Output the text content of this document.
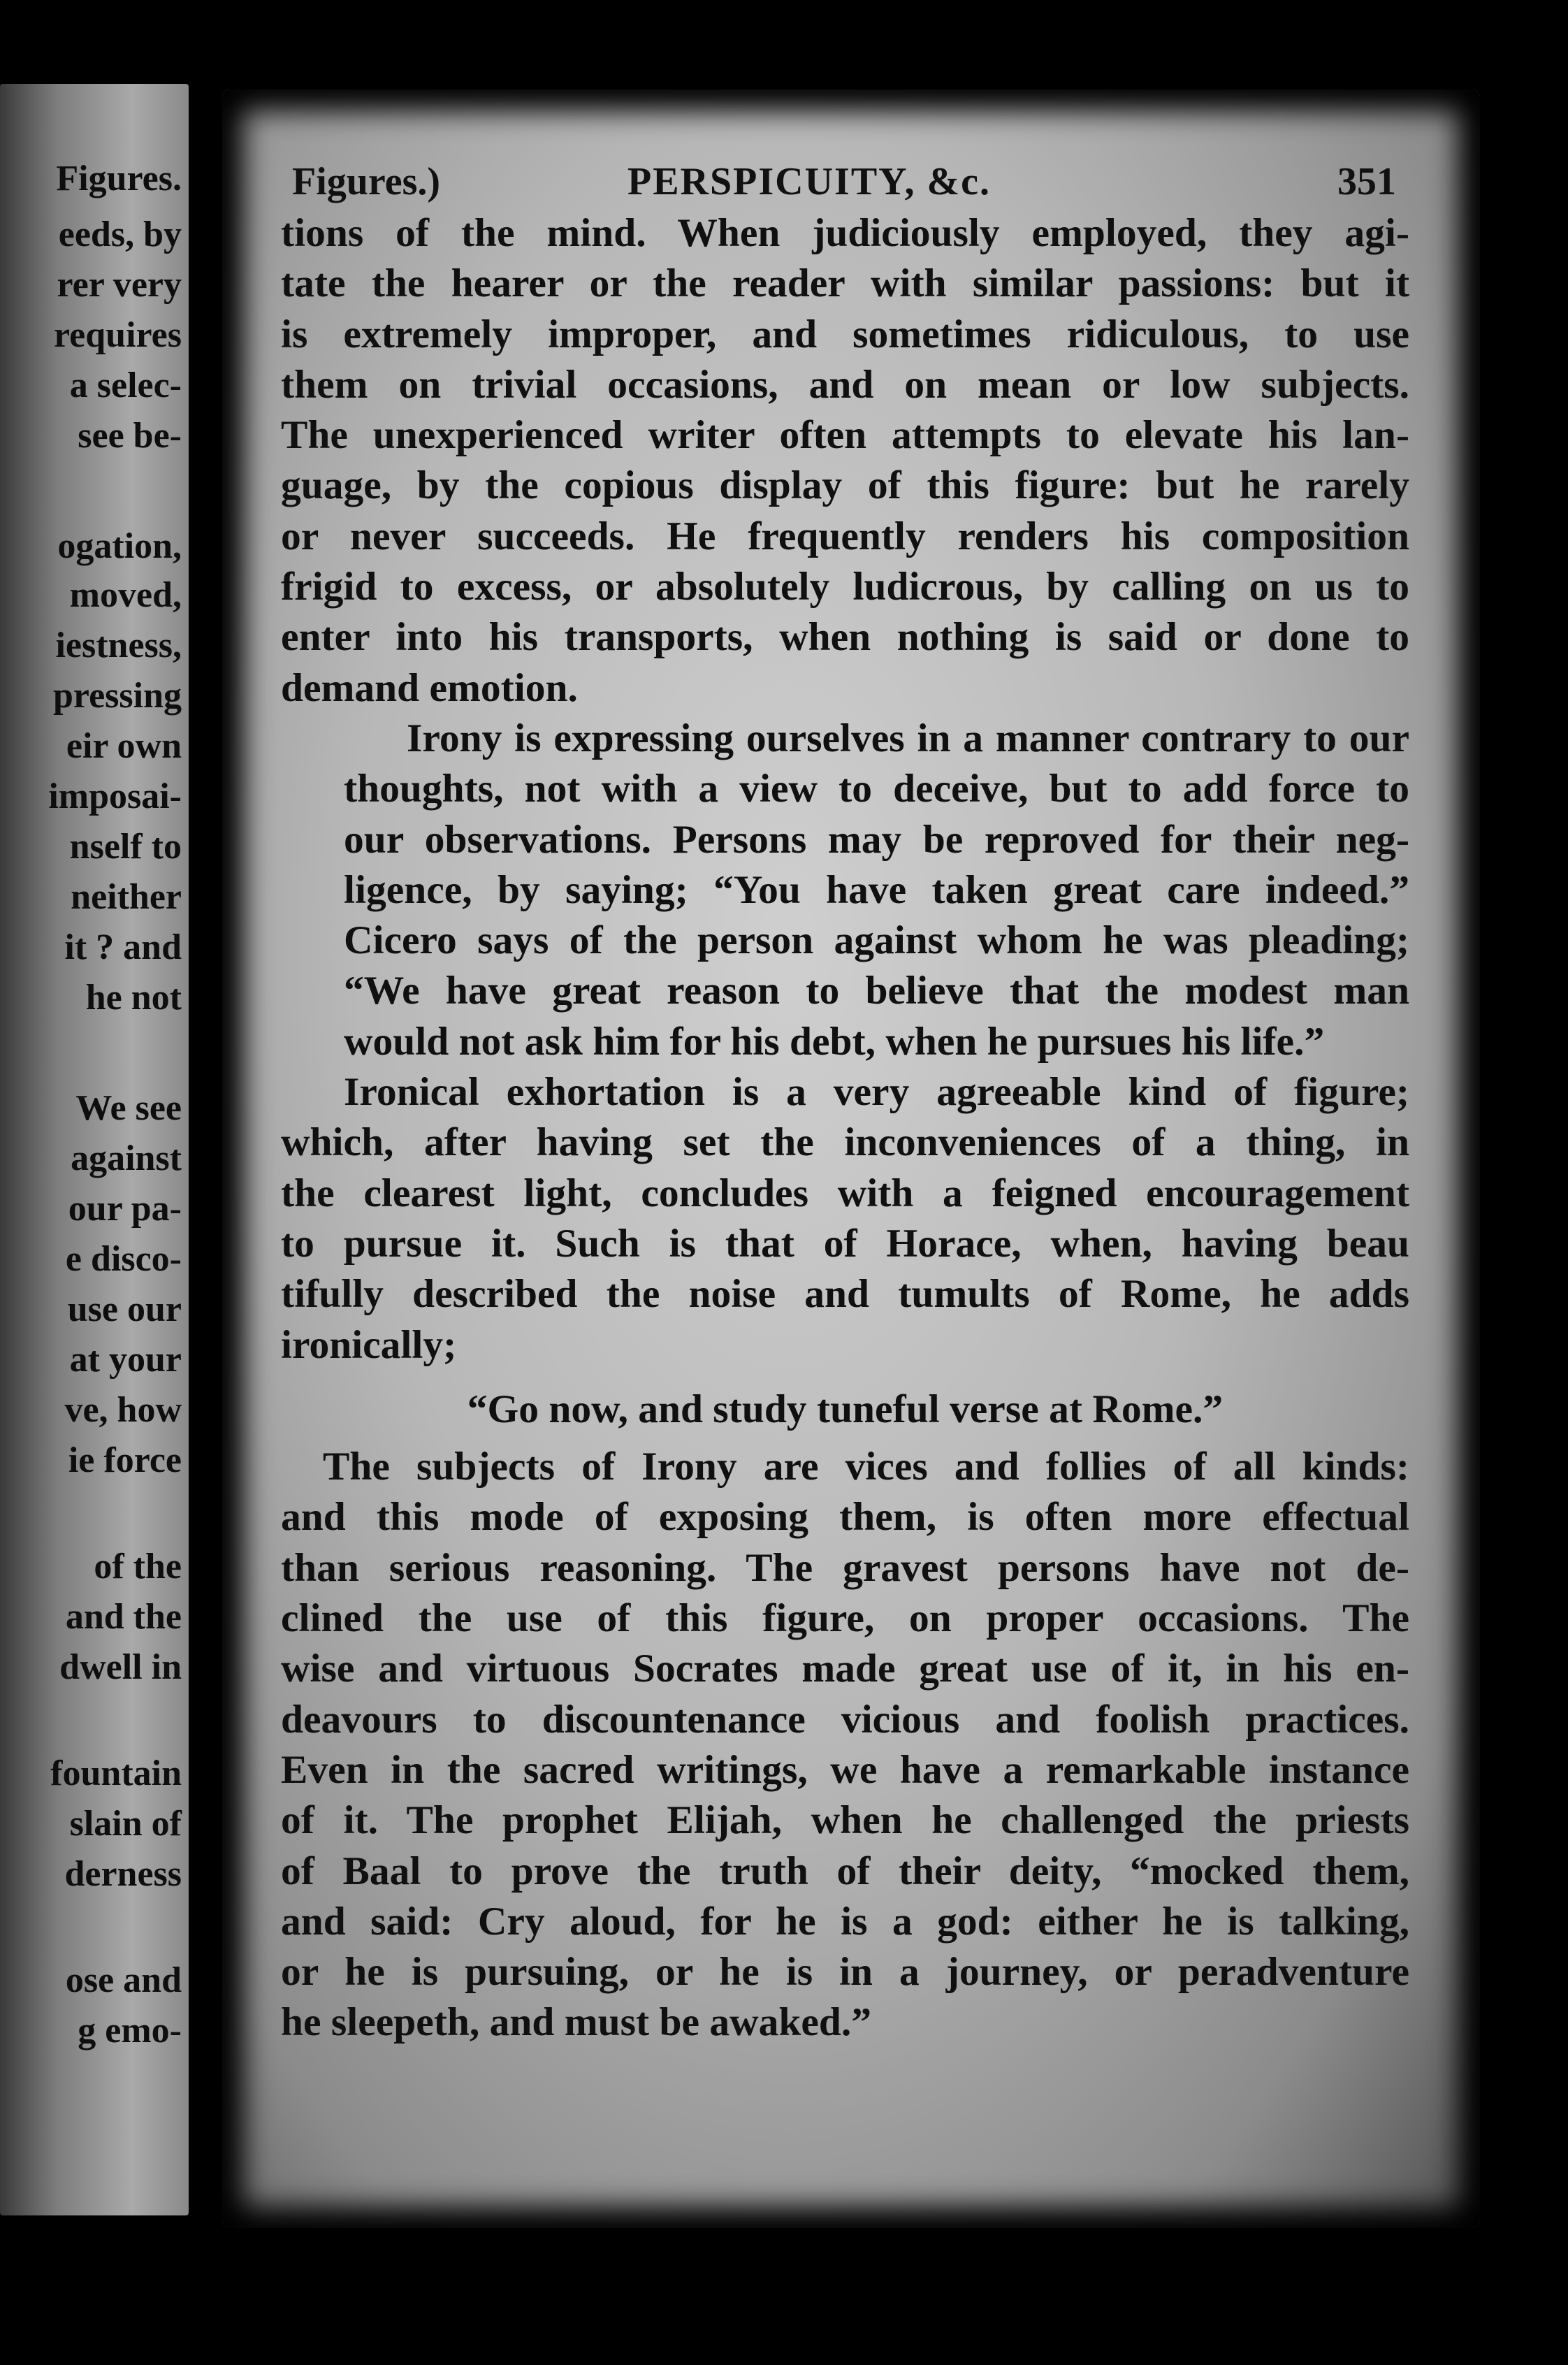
Figures.
eeds, by
rer very
requires
a selec-
see be-
ogation,
moved,
iestness,
pressing
eir own
imposai-
nself to
neither
it ? and
he not
We see
against
our pa-
e disco-
use our
at your
ve, how
ie force
of the
and the
dwell in
fountain
slain of
derness
ose and
g emo-
Figures.)	PERSPICUITY, &c.	351

tions of the mind. When judiciously employed, they agi-
tate the hearer or the reader with similar passions: but it
is extremely improper, and sometimes ridiculous, to use
them on trivial occasions, and on mean or low subjects.
The unexperienced writer often attempts to elevate his lan-
guage, by the copious display of this figure: but he rarely
or never succeeds. He frequently renders his composition
frigid to excess, or absolutely ludicrous, by calling on us to
enter into his transports, when nothing is said or done to
demand emotion.

Irony is expressing ourselves in a manner contrary to our
thoughts, not with a view to deceive, but to add force to
our observations. Persons may be reproved for their neg-
ligence, by saying; “You have taken great care indeed.”
Cicero says of the person against whom he was pleading;
“We have great reason to believe that the modest man
would not ask him for his debt, when he pursues his life.”

Ironical exhortation is a very agreeable kind of figure;
which, after having set the inconveniences of a thing, in
the clearest light, concludes with a feigned encouragement
to pursue it. Such is that of Horace, when, having beau
tifully described the noise and tumults of Rome, he adds
ironically;

“Go now, and study tuneful verse at Rome.”

The subjects of Irony are vices and follies of all kinds:
and this mode of exposing them, is often more effectual
than serious reasoning. The gravest persons have not de-
clined the use of this figure, on proper occasions. The
wise and virtuous Socrates made great use of it, in his en-
deavours to discountenance vicious and foolish practices.
Even in the sacred writings, we have a remarkable instance
of it. The prophet Elijah, when he challenged the priests
of Baal to prove the truth of their deity, “mocked them,
and said: Cry aloud, for he is a god: either he is talking,
or he is pursuing, or he is in a journey, or peradventure
he sleepeth, and must be awaked.”
